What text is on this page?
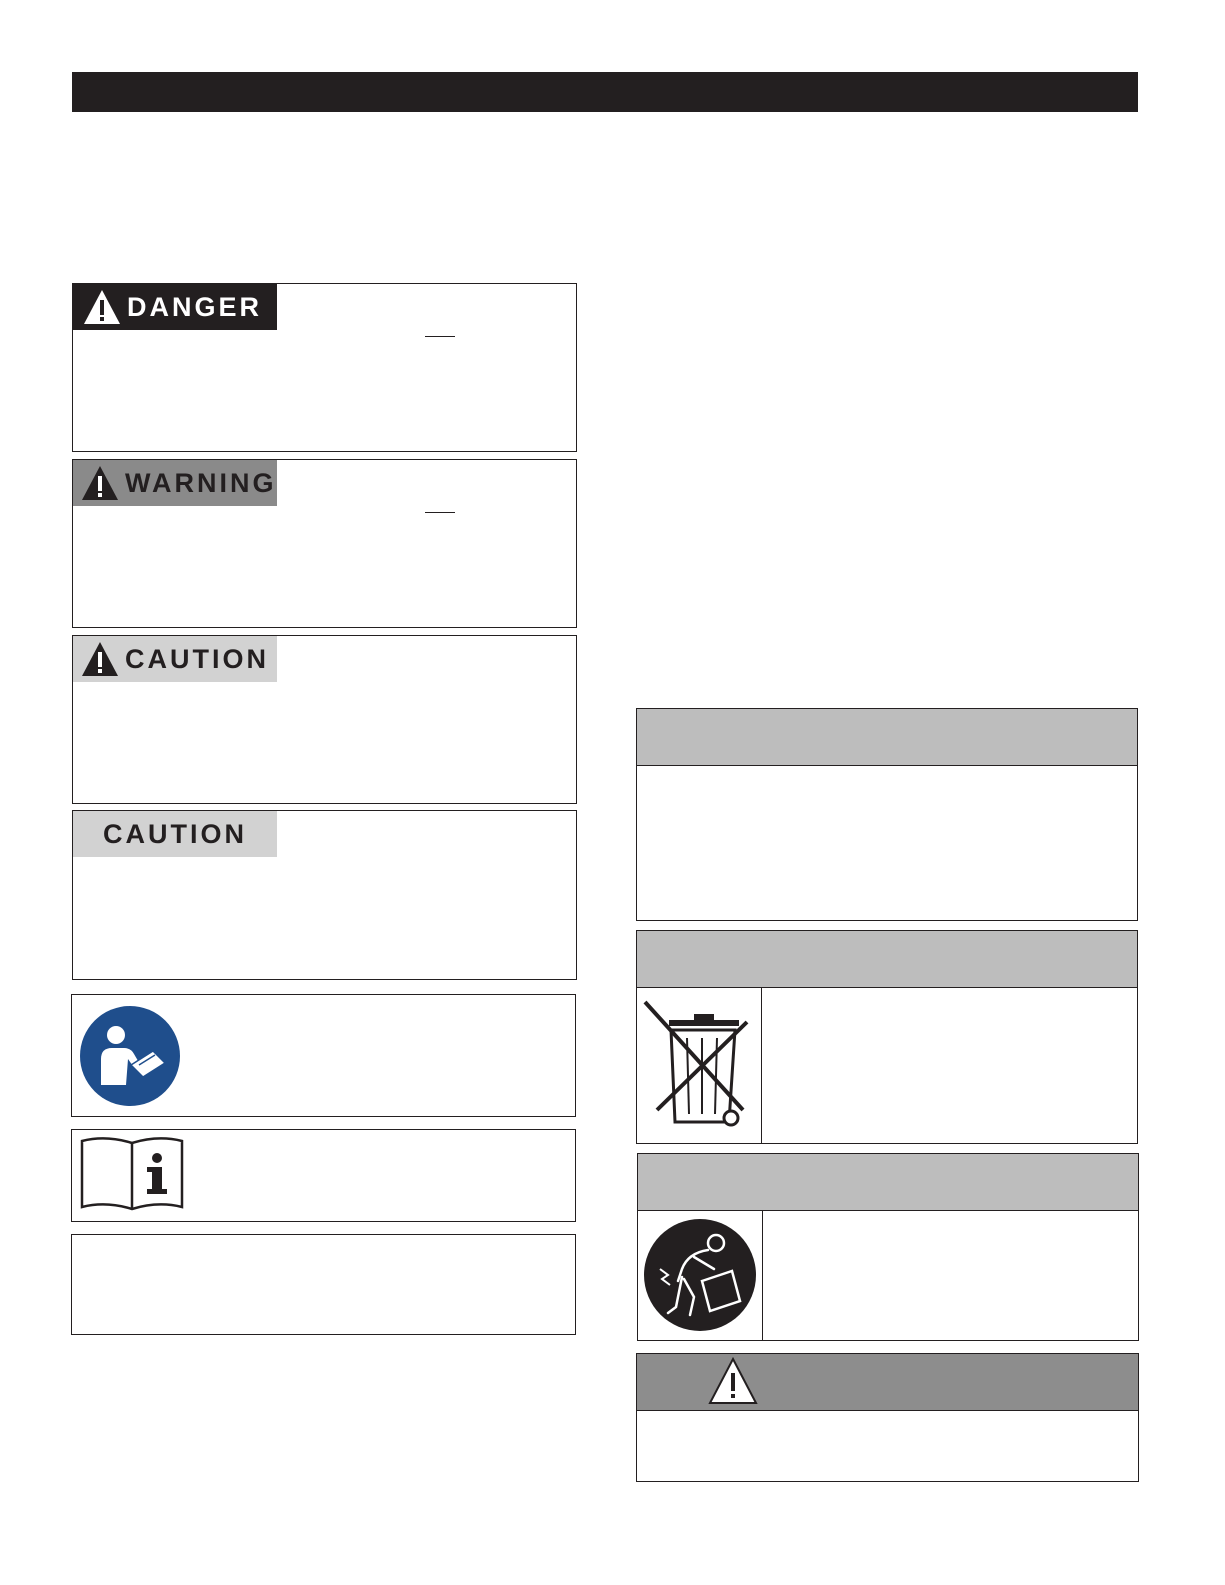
DANGER
WARNING
CAUTION
CAUTION
